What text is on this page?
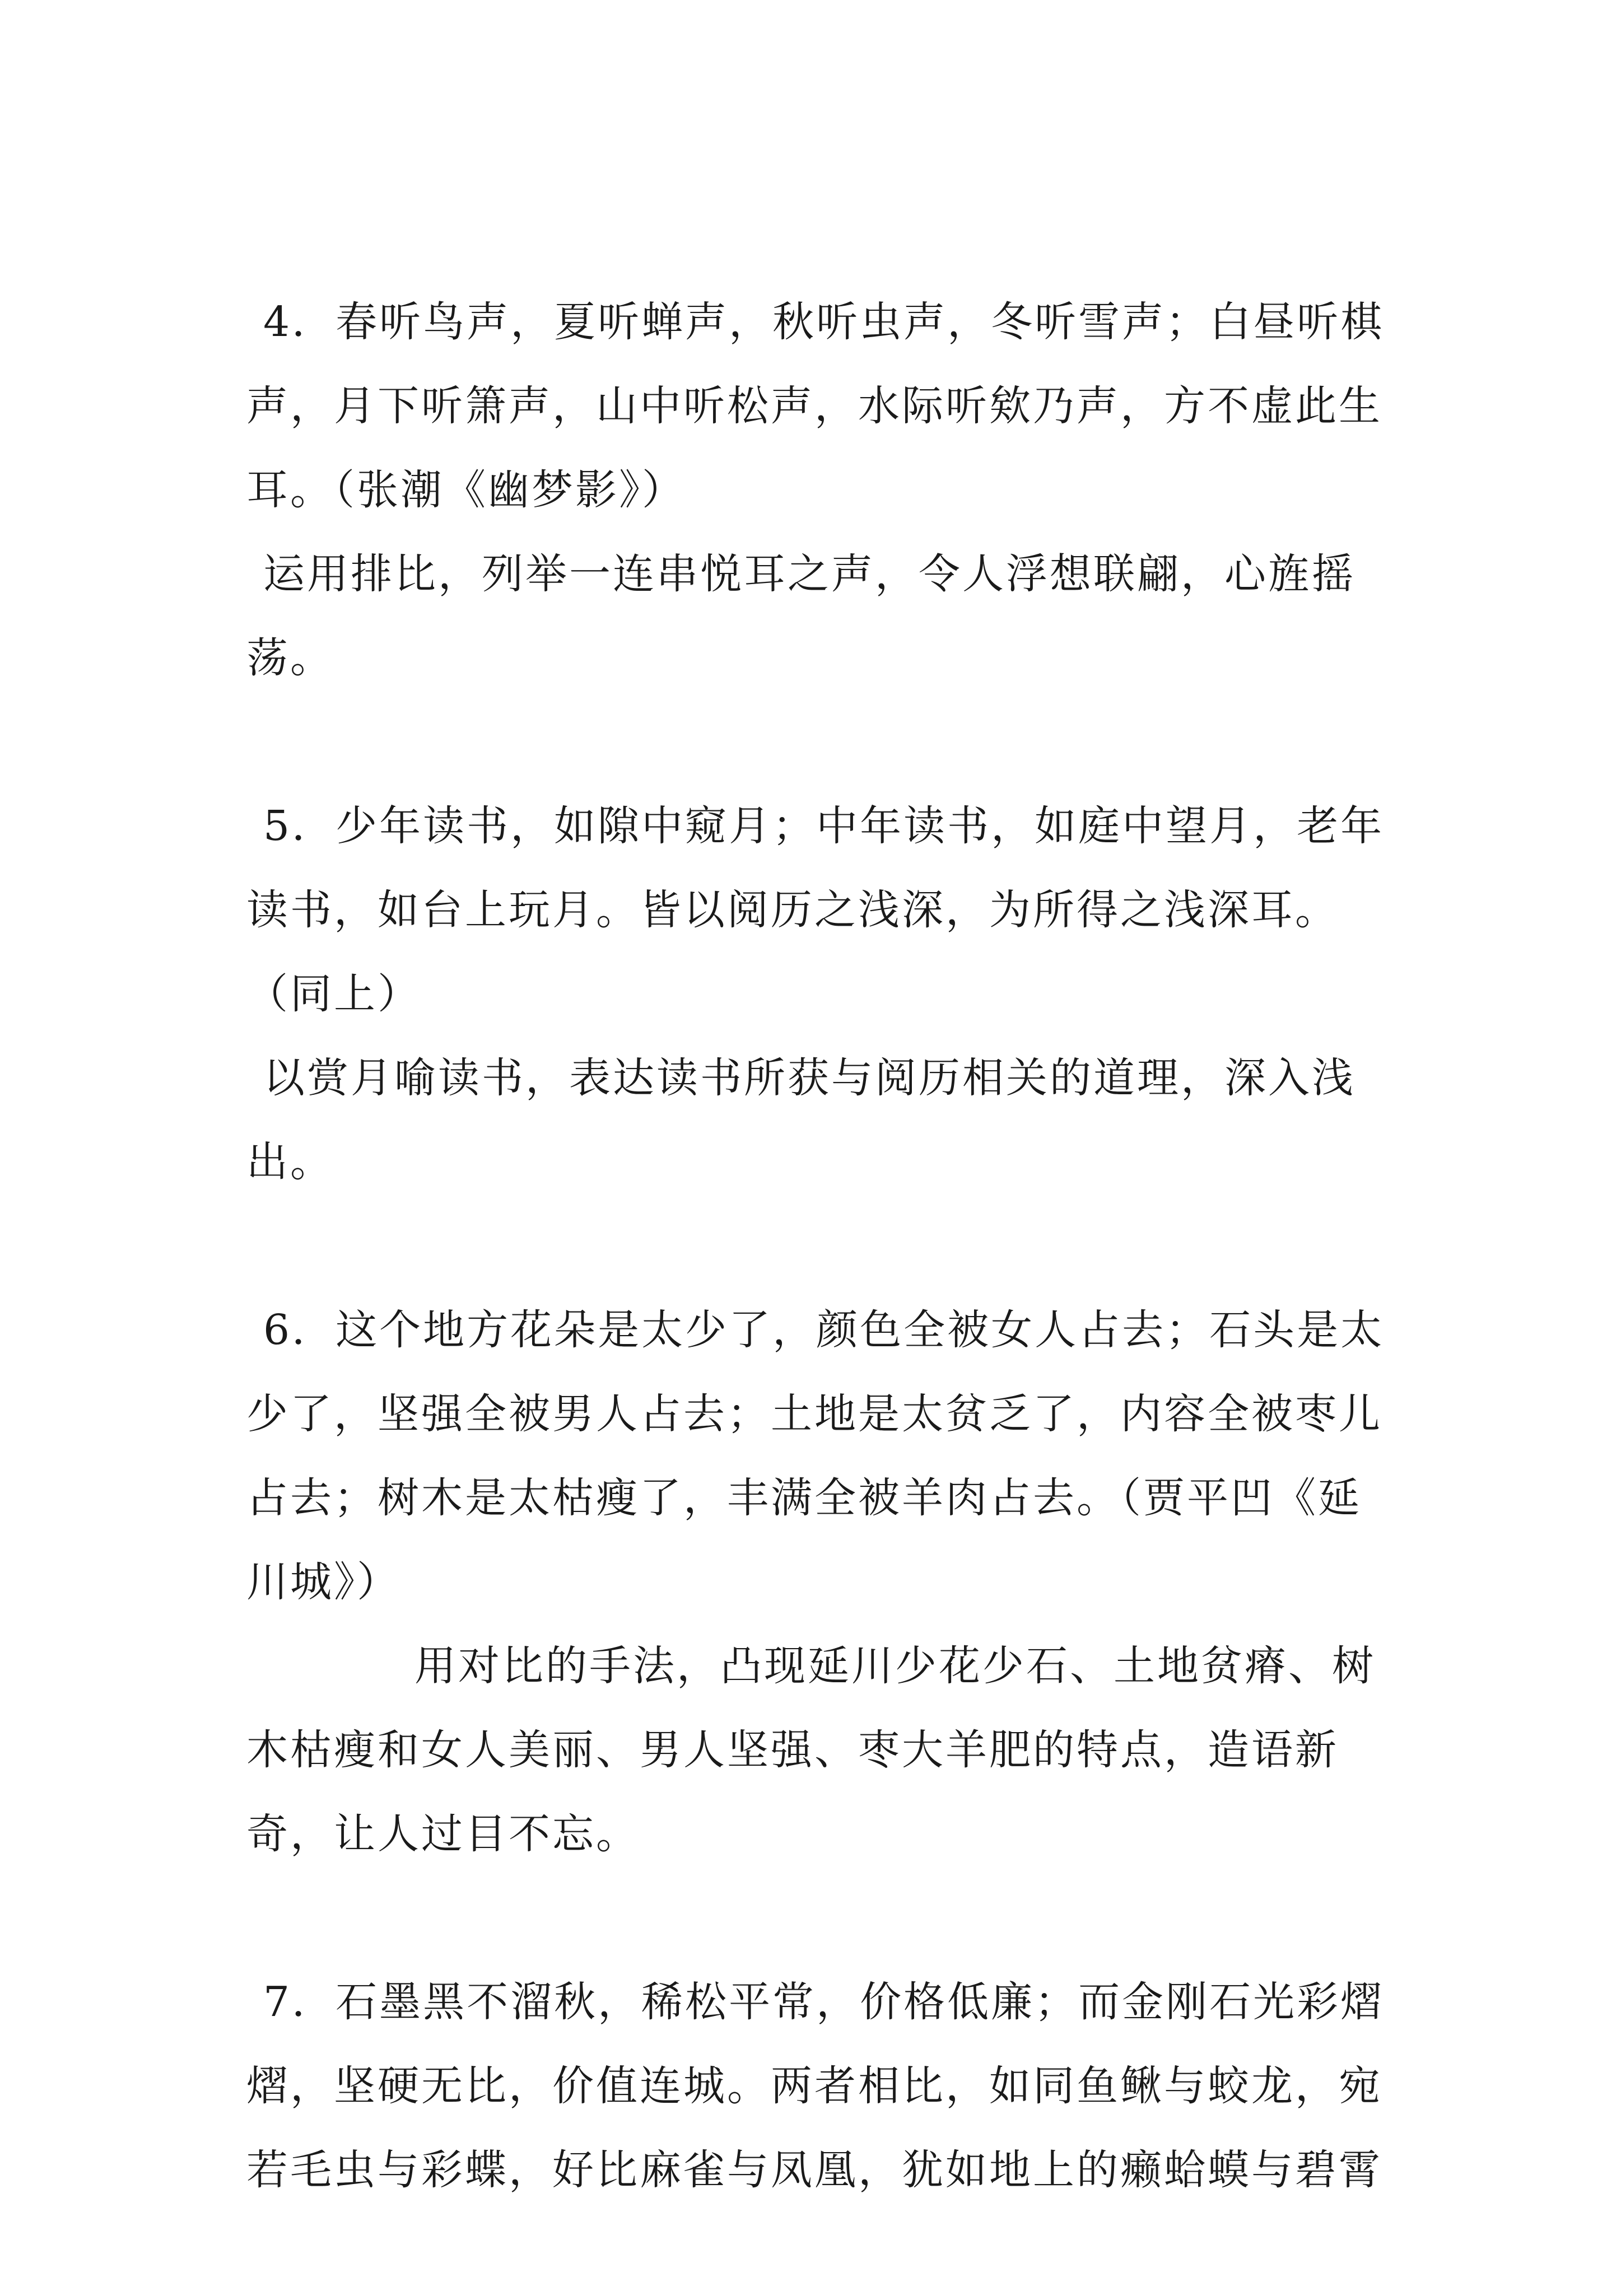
4．春听鸟声，夏听蝉声，秋听虫声，冬听雪声；白昼听棋声，月下听箫声，山中听松声，水际听欸乃声，方不虚此生耳。（张潮《幽梦影》）

运用排比，列举一连串悦耳之声，令人浮想联翩，心旌摇荡。

5．少年读书，如隙中窥月；中年读书，如庭中望月，老年读书，如台上玩月。皆以阅历之浅深，为所得之浅深耳。（同上）

以赏月喻读书，表达读书所获与阅历相关的道理，深入浅出。

6．这个地方花朵是太少了，颜色全被女人占去；石头是太少了，坚强全被男人占去；土地是太贫乏了，内容全被枣儿占去；树木是太枯瘦了，丰满全被羊肉占去。（贾平凹《延川城》）

用对比的手法，凸现延川少花少石、土地贫瘠、树木枯瘦和女人美丽、男人坚强、枣大羊肥的特点，造语新奇，让人过目不忘。

7．石墨黑不溜秋，稀松平常，价格低廉；而金刚石光彩熠熠，坚硬无比，价值连城。两者相比，如同鱼鳅与蛟龙，宛若毛虫与彩蝶，好比麻雀与凤凰，犹如地上的癞蛤蟆与碧霄
